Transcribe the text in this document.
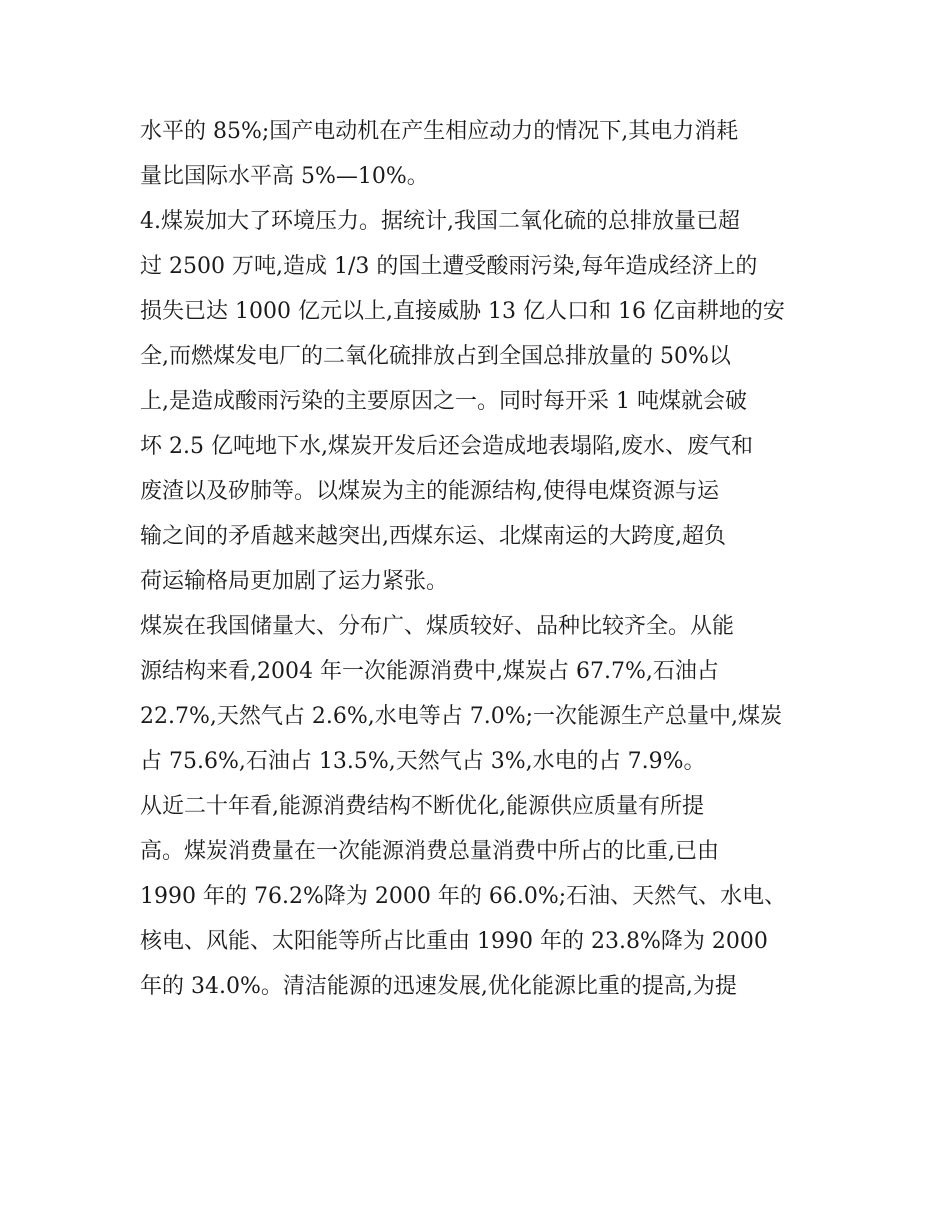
水平的 85%;国产电动机在产生相应动力的情况下,其电力消耗
量比国际水平高 5%—10%。
4.煤炭加大了环境压力。据统计,我国二氧化硫的总排放量已超
过 2500 万吨,造成 1/3 的国土遭受酸雨污染,每年造成经济上的
损失已达 1000 亿元以上,直接威胁 13 亿人口和 16 亿亩耕地的安
全,而燃煤发电厂的二氧化硫排放占到全国总排放量的 50%以
上,是造成酸雨污染的主要原因之一。同时每开采 1 吨煤就会破
坏 2.5 亿吨地下水,煤炭开发后还会造成地表塌陷,废水、废气和
废渣以及矽肺等。以煤炭为主的能源结构,使得电煤资源与运
输之间的矛盾越来越突出,西煤东运、北煤南运的大跨度,超负
荷运输格局更加剧了运力紧张。
煤炭在我国储量大、分布广、煤质较好、品种比较齐全。从能
源结构来看,2004 年一次能源消费中,煤炭占 67.7%,石油占
22.7%,天然气占 2.6%,水电等占 7.0%;一次能源生产总量中,煤炭
占 75.6%,石油占 13.5%,天然气占 3%,水电的占 7.9%。
从近二十年看,能源消费结构不断优化,能源供应质量有所提
高。煤炭消费量在一次能源消费总量消费中所占的比重,已由
1990 年的 76.2%降为 2000 年的 66.0%;石油、天然气、水电、
核电、风能、太阳能等所占比重由 1990 年的 23.8%降为 2000
年的 34.0%。清洁能源的迅速发展,优化能源比重的提高,为提
